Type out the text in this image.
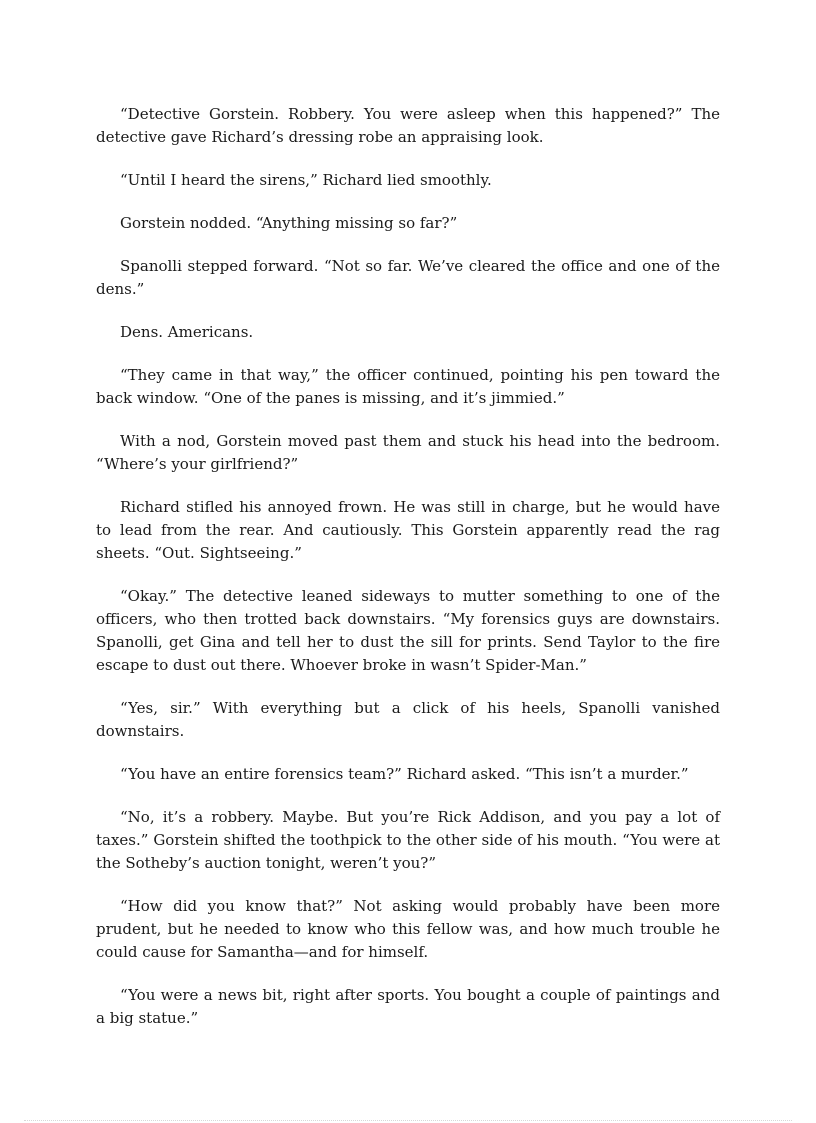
“Detective Gorstein. Robbery. You were asleep when this happened?” The detective gave Richard’s dressing robe an appraising look.

“Until I heard the sirens,” Richard lied smoothly.

Gorstein nodded. “Anything missing so far?”

Spanolli stepped forward. “Not so far. We’ve cleared the office and one of the dens.”

Dens. Americans.

“They came in that way,” the officer continued, pointing his pen toward the back window. “One of the panes is missing, and it’s jimmied.”

With a nod, Gorstein moved past them and stuck his head into the bedroom. “Where’s your girlfriend?”

Richard stifled his annoyed frown. He was still in charge, but he would have to lead from the rear. And cautiously. This Gorstein apparently read the rag sheets. “Out. Sightseeing.”

“Okay.” The detective leaned sideways to mutter something to one of the officers, who then trotted back downstairs. “My forensics guys are downstairs. Spanolli, get Gina and tell her to dust the sill for prints. Send Taylor to the fire escape to dust out there. Whoever broke in wasn’t Spider-Man.”

“Yes, sir.” With everything but a click of his heels, Spanolli vanished downstairs.

“You have an entire forensics team?” Richard asked. “This isn’t a murder.”

“No, it’s a robbery. Maybe. But you’re Rick Addison, and you pay a lot of taxes.” Gorstein shifted the toothpick to the other side of his mouth. “You were at the Sotheby’s auction tonight, weren’t you?”

“How did you know that?” Not asking would probably have been more prudent, but he needed to know who this fellow was, and how much trouble he could cause for Samantha—and for himself.

“You were a news bit, right after sports. You bought a couple of paintings and a big statue.”
